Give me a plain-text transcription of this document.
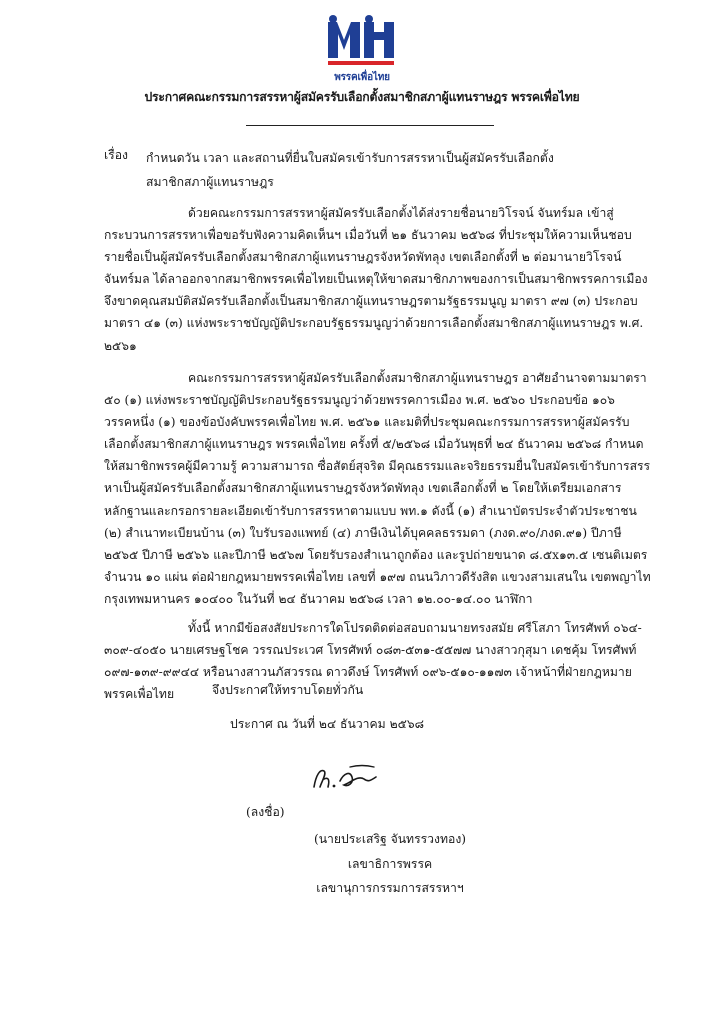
พรรคเพื่อไทย
ประกาศคณะกรรมการสรรหาผู้สมัครรับเลือกตั้งสมาชิกสภาผู้แทนราษฎร พรรคเพื่อไทย
เรื่อง กำหนดวัน เวลา และสถานที่ยื่นใบสมัครเข้ารับการสรรหาเป็นผู้สมัครรับเลือกตั้ง
สมาชิกสภาผู้แทนราษฎร
ด้วยคณะกรรมการสรรหาผู้สมัครรับเลือกตั้งได้ส่งรายชื่อนายวิโรจน์ จันทร์มล เข้าสู่
กระบวนการสรรหาเพื่อขอรับฟังความคิดเห็นฯ เมื่อวันที่ ๒๑ ธันวาคม ๒๕๖๘ ที่ประชุมให้ความเห็นชอบ
รายชื่อเป็นผู้สมัครรับเลือกตั้งสมาชิกสภาผู้แทนราษฎรจังหวัดพัทลุง เขตเลือกตั้งที่ ๒ ต่อมานายวิโรจน์
จันทร์มล ได้ลาออกจากสมาชิกพรรคเพื่อไทยเป็นเหตุให้ขาดสมาชิกภาพของการเป็นสมาชิกพรรคการเมือง
จึงขาดคุณสมบัติสมัครรับเลือกตั้งเป็นสมาชิกสภาผู้แทนราษฎรตามรัฐธรรมนูญ มาตรา ๙๗ (๓) ประกอบ
มาตรา ๔๑ (๓) แห่งพระราชบัญญัติประกอบรัฐธรรมนูญว่าด้วยการเลือกตั้งสมาชิกสภาผู้แทนราษฎร พ.ศ.
๒๕๖๑
คณะกรรมการสรรหาผู้สมัครรับเลือกตั้งสมาชิกสภาผู้แทนราษฎร อาศัยอำนาจตามมาตรา
๕๐ (๑) แห่งพระราชบัญญัติประกอบรัฐธรรมนูญว่าด้วยพรรคการเมือง พ.ศ. ๒๕๖๐ ประกอบข้อ ๑๐๖
วรรคหนึ่ง (๑) ของข้อบังคับพรรคเพื่อไทย พ.ศ. ๒๕๖๑ และมติที่ประชุมคณะกรรมการสรรหาผู้สมัครรับ
เลือกตั้งสมาชิกสภาผู้แทนราษฎร พรรคเพื่อไทย ครั้งที่ ๕/๒๕๖๘ เมื่อวันพุธที่ ๒๔ ธันวาคม ๒๕๖๘ กำหนด
ให้สมาชิกพรรคผู้มีความรู้ ความสามารถ ซื่อสัตย์สุจริต มีคุณธรรมและจริยธรรมยื่นใบสมัครเข้ารับการสรร
หาเป็นผู้สมัครรับเลือกตั้งสมาชิกสภาผู้แทนราษฎรจังหวัดพัทลุง เขตเลือกตั้งที่ ๒ โดยให้เตรียมเอกสาร
หลักฐานและกรอกรายละเอียดเข้ารับการสรรหาตามแบบ พท.๑ ดังนี้ (๑) สำเนาบัตรประจำตัวประชาชน
(๒) สำเนาทะเบียนบ้าน (๓) ใบรับรองแพทย์ (๔) ภาษีเงินได้บุคคลธรรมดา (ภงด.๙๐/ภงด.๙๑) ปีภาษี
๒๕๖๕ ปีภาษี ๒๕๖๖ และปีภาษี ๒๕๖๗ โดยรับรองสำเนาถูกต้อง และรูปถ่ายขนาด ๘.๕x๑๓.๕ เซนติเมตร
จำนวน ๑๐ แผ่น ต่อฝ่ายกฎหมายพรรคเพื่อไทย เลขที่ ๑๙๗ ถนนวิภาวดีรังสิต แขวงสามเสนใน เขตพญาไท
กรุงเทพมหานคร ๑๐๔๐๐ ในวันที่ ๒๔ ธันวาคม ๒๕๖๘ เวลา ๑๒.๐๐-๑๔.๐๐ นาฬิกา
ทั้งนี้ หากมีข้อสงสัยประการใดโปรดติดต่อสอบถามนายทรงสมัย ศรีโสภา โทรศัพท์ ๐๖๔-
๓๐๙-๔๐๕๐ นายเศรษฐโชค วรรณประเวศ โทรศัพท์ ๐๘๓-๕๓๑-๕๕๗๗ นางสาวกุสุมา เดชคุ้ม โทรศัพท์
๐๙๗-๑๓๙-๙๙๔๔ หรือนางสาวนภัสวรรณ ดาวดึงษ์ โทรศัพท์ ๐๙๖-๕๑๐-๑๑๗๓ เจ้าหน้าที่ฝ่ายกฎหมาย
พรรคเพื่อไทย	จึงประกาศให้ทราบโดยทั่วกัน
ประกาศ ณ วันที่ ๒๔ ธันวาคม ๒๕๖๘
(ลงชื่อ)
(นายประเสริฐ จันทรรวงทอง)
เลขาธิการพรรค
เลขานุการกรรมการสรรหาฯ
